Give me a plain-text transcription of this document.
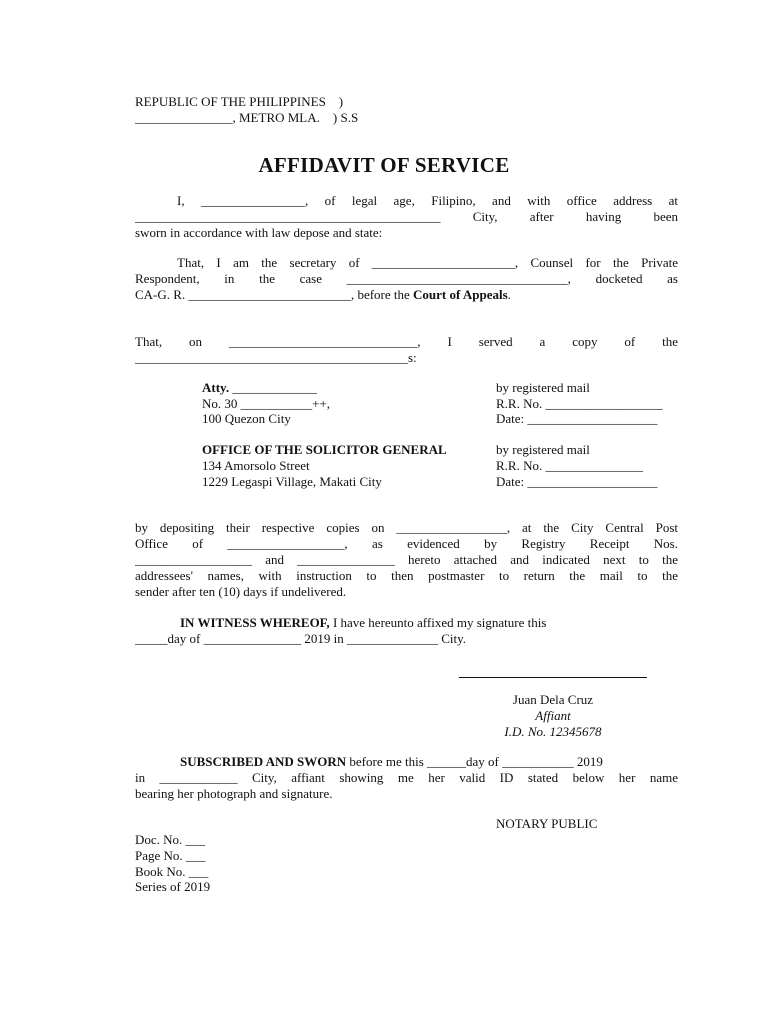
REPUBLIC OF THE PHILIPPINES    )
_______________, METRO MLA.    ) S.S
AFFIDAVIT OF SERVICE
I, ________________, of legal age, Filipino, and with office address at
_______________________________________________ City, after having been
sworn in accordance with law depose and state:
That, I am the secretary of ______________________, Counsel for the Private
Respondent, in the case __________________________________, docketed as
CA-G. R. _________________________, before the Court of Appeals.
That, on _____________________________, I served a copy of the
__________________________________________s:
Atty. _____________
No. 30 ___________++,
100 Quezon City
by registered mail
R.R. No. __________________
Date: ____________________
OFFICE OF THE SOLICITOR GENERAL
134 Amorsolo Street
1229 Legaspi Village, Makati City
by registered mail
R.R. No. _______________
Date: ____________________
by depositing their respective copies on _________________, at the City Central Post
Office of __________________, as evidenced by Registry Receipt Nos.
__________________ and _______________ hereto attached and indicated next to the
addressees' names, with instruction to then postmaster to return the mail to the
sender after ten (10) days if undelivered.
IN WITNESS WHEREOF, I have hereunto affixed my signature this
_____day of _______________ 2019 in ______________ City.
Juan Dela Cruz
Affiant
I.D. No. 12345678
SUBSCRIBED AND SWORN before me this ______day of ___________ 2019
in ____________ City, affiant showing me her valid ID stated below her name
bearing her photograph and signature.
NOTARY PUBLIC
Doc. No. ___
Page No. ___
Book No. ___
Series of 2019
